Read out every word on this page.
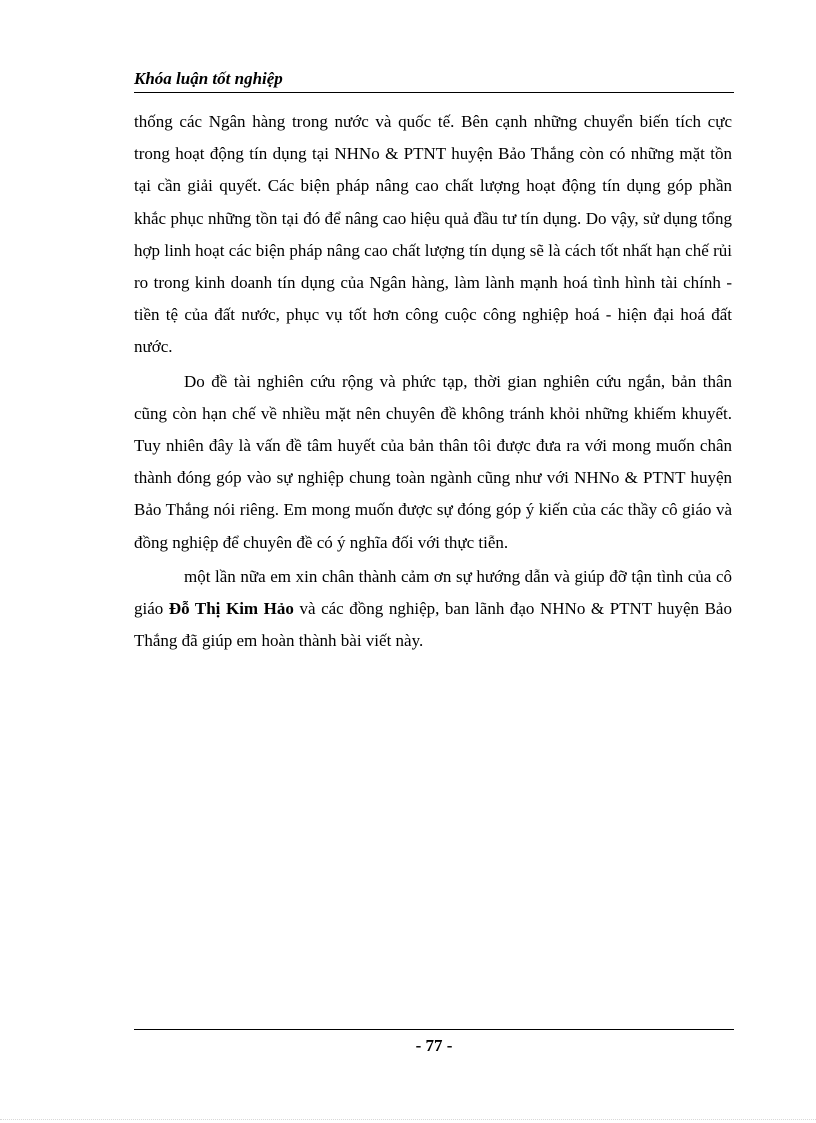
Khóa luận tốt nghiệp

thống các Ngân hàng trong nước và quốc tế. Bên cạnh những chuyển biến tích cực trong hoạt động tín dụng tại NHNo & PTNT huyện Bảo Thắng còn có những mặt tồn tại cần giải quyết. Các biện pháp nâng cao chất lượng hoạt động tín dụng góp phần khắc phục những tồn tại đó để nâng cao hiệu quả đầu tư tín dụng. Do vậy, sử dụng tổng hợp linh hoạt các biện pháp nâng cao chất lượng tín dụng sẽ là cách tốt nhất hạn chế rủi ro trong kinh doanh tín dụng của Ngân hàng, làm lành mạnh hoá tình hình tài chính - tiền tệ của đất nước, phục vụ tốt hơn công cuộc công nghiệp hoá - hiện đại hoá đất nước.

Do đề tài nghiên cứu rộng và phức tạp, thời gian nghiên cứu ngắn, bản thân cũng còn hạn chế về nhiều mặt nên chuyên đề không tránh khỏi những khiếm khuyết. Tuy nhiên đây là vấn đề tâm huyết của bản thân tôi được đưa ra với mong muốn chân thành đóng góp vào sự nghiệp chung toàn ngành cũng như với NHNo & PTNT huyện Bảo Thắng nói riêng. Em mong muốn được sự đóng góp ý kiến của các thầy cô giáo và đồng nghiệp để chuyên đề có ý nghĩa đối với thực tiễn.

một lần nữa em xin chân thành cảm ơn sự hướng dẫn và giúp đỡ tận tình của cô giáo Đỗ Thị Kim Hảo và các đồng nghiệp, ban lãnh đạo NHNo & PTNT huyện Bảo Thắng đã giúp em hoàn thành bài viết này.

- 77 -
